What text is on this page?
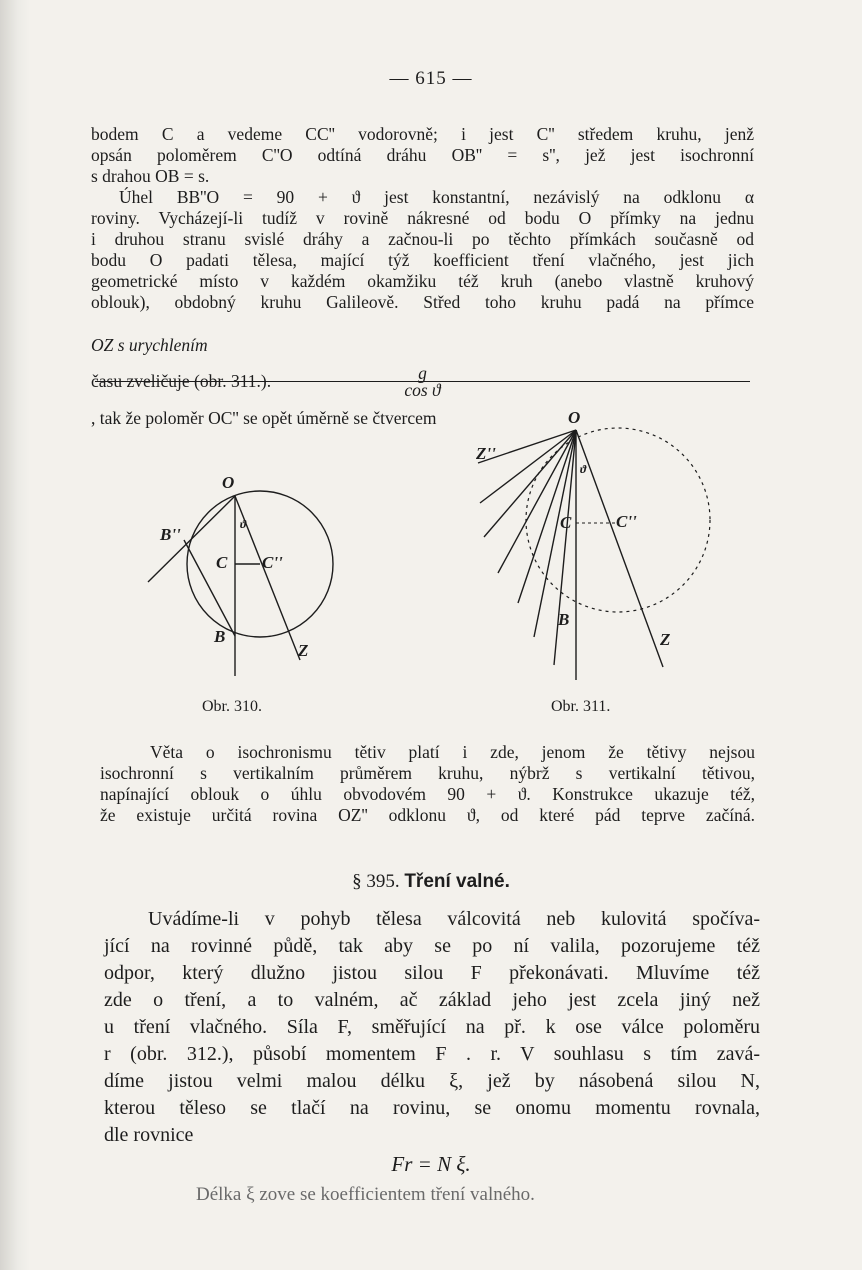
— 615 —
bodem C a vedeme CC'' vodorovně; i jest C'' středem kruhu, jenž
opsán poloměrem C''O odtíná dráhu OB'' = s'', jež jest isochronní
s drahou OB = s.
Úhel BB''O = 90 + ϑ jest konstantní, nezávislý na odklonu α
roviny. Vycházejí-li tudíž v rovině nákresné od bodu O přímky na jednu
i druhou stranu svislé dráhy a začnou-li po těchto přímkách současně od
bodu O padati tělesa, mající týž koefficient tření vlačného, jest jich
geometrické místo v každém okamžiku též kruh (anebo vlastně kruhový
oblouk), obdobný kruhu Galileově. Střed toho kruhu padá na přímce
OZ s urychlením
g
cos ϑ
, tak že poloměr OC'' se opět úměrně se čtvercem
času zveličuje (obr. 311.).
O
B''
C C''
B
Z
ϑ
Obr. 310.
O
Z''
C	C''
B
Z
ϑ
Obr. 311.
Věta o isochronismu tětiv platí i zde, jenom že tětivy nejsou
isochronní s vertikalním průměrem kruhu, nýbrž s vertikalní tětivou,
napínající oblouk o úhlu obvodovém 90 + ϑ. Konstrukce ukazuje též,
že existuje určitá rovina OZ'' odklonu ϑ, od které pád teprve začíná.
§ 395. Tření valné.
Uvádíme-li v pohyb tělesa válcovitá neb kulovitá spočíva-
jící na rovinné půdě, tak aby se po ní valila, pozorujeme též
odpor, který dlužno jistou silou F překonávati. Mluvíme též
zde o tření, a to valném, ač základ jeho jest zcela jiný než
u tření vlačného. Síla F, směřující na př. k ose válce poloměru
r (obr. 312.), působí momentem F . r. V souhlasu s tím zavá-
díme jistou velmi malou délku ξ, jež by násobená silou N,
kterou těleso se tlačí na rovinu, se onomu momentu rovnala,
dle rovnice
Fr = N ξ.
Délka ξ zove se koefficientem tření valného.
